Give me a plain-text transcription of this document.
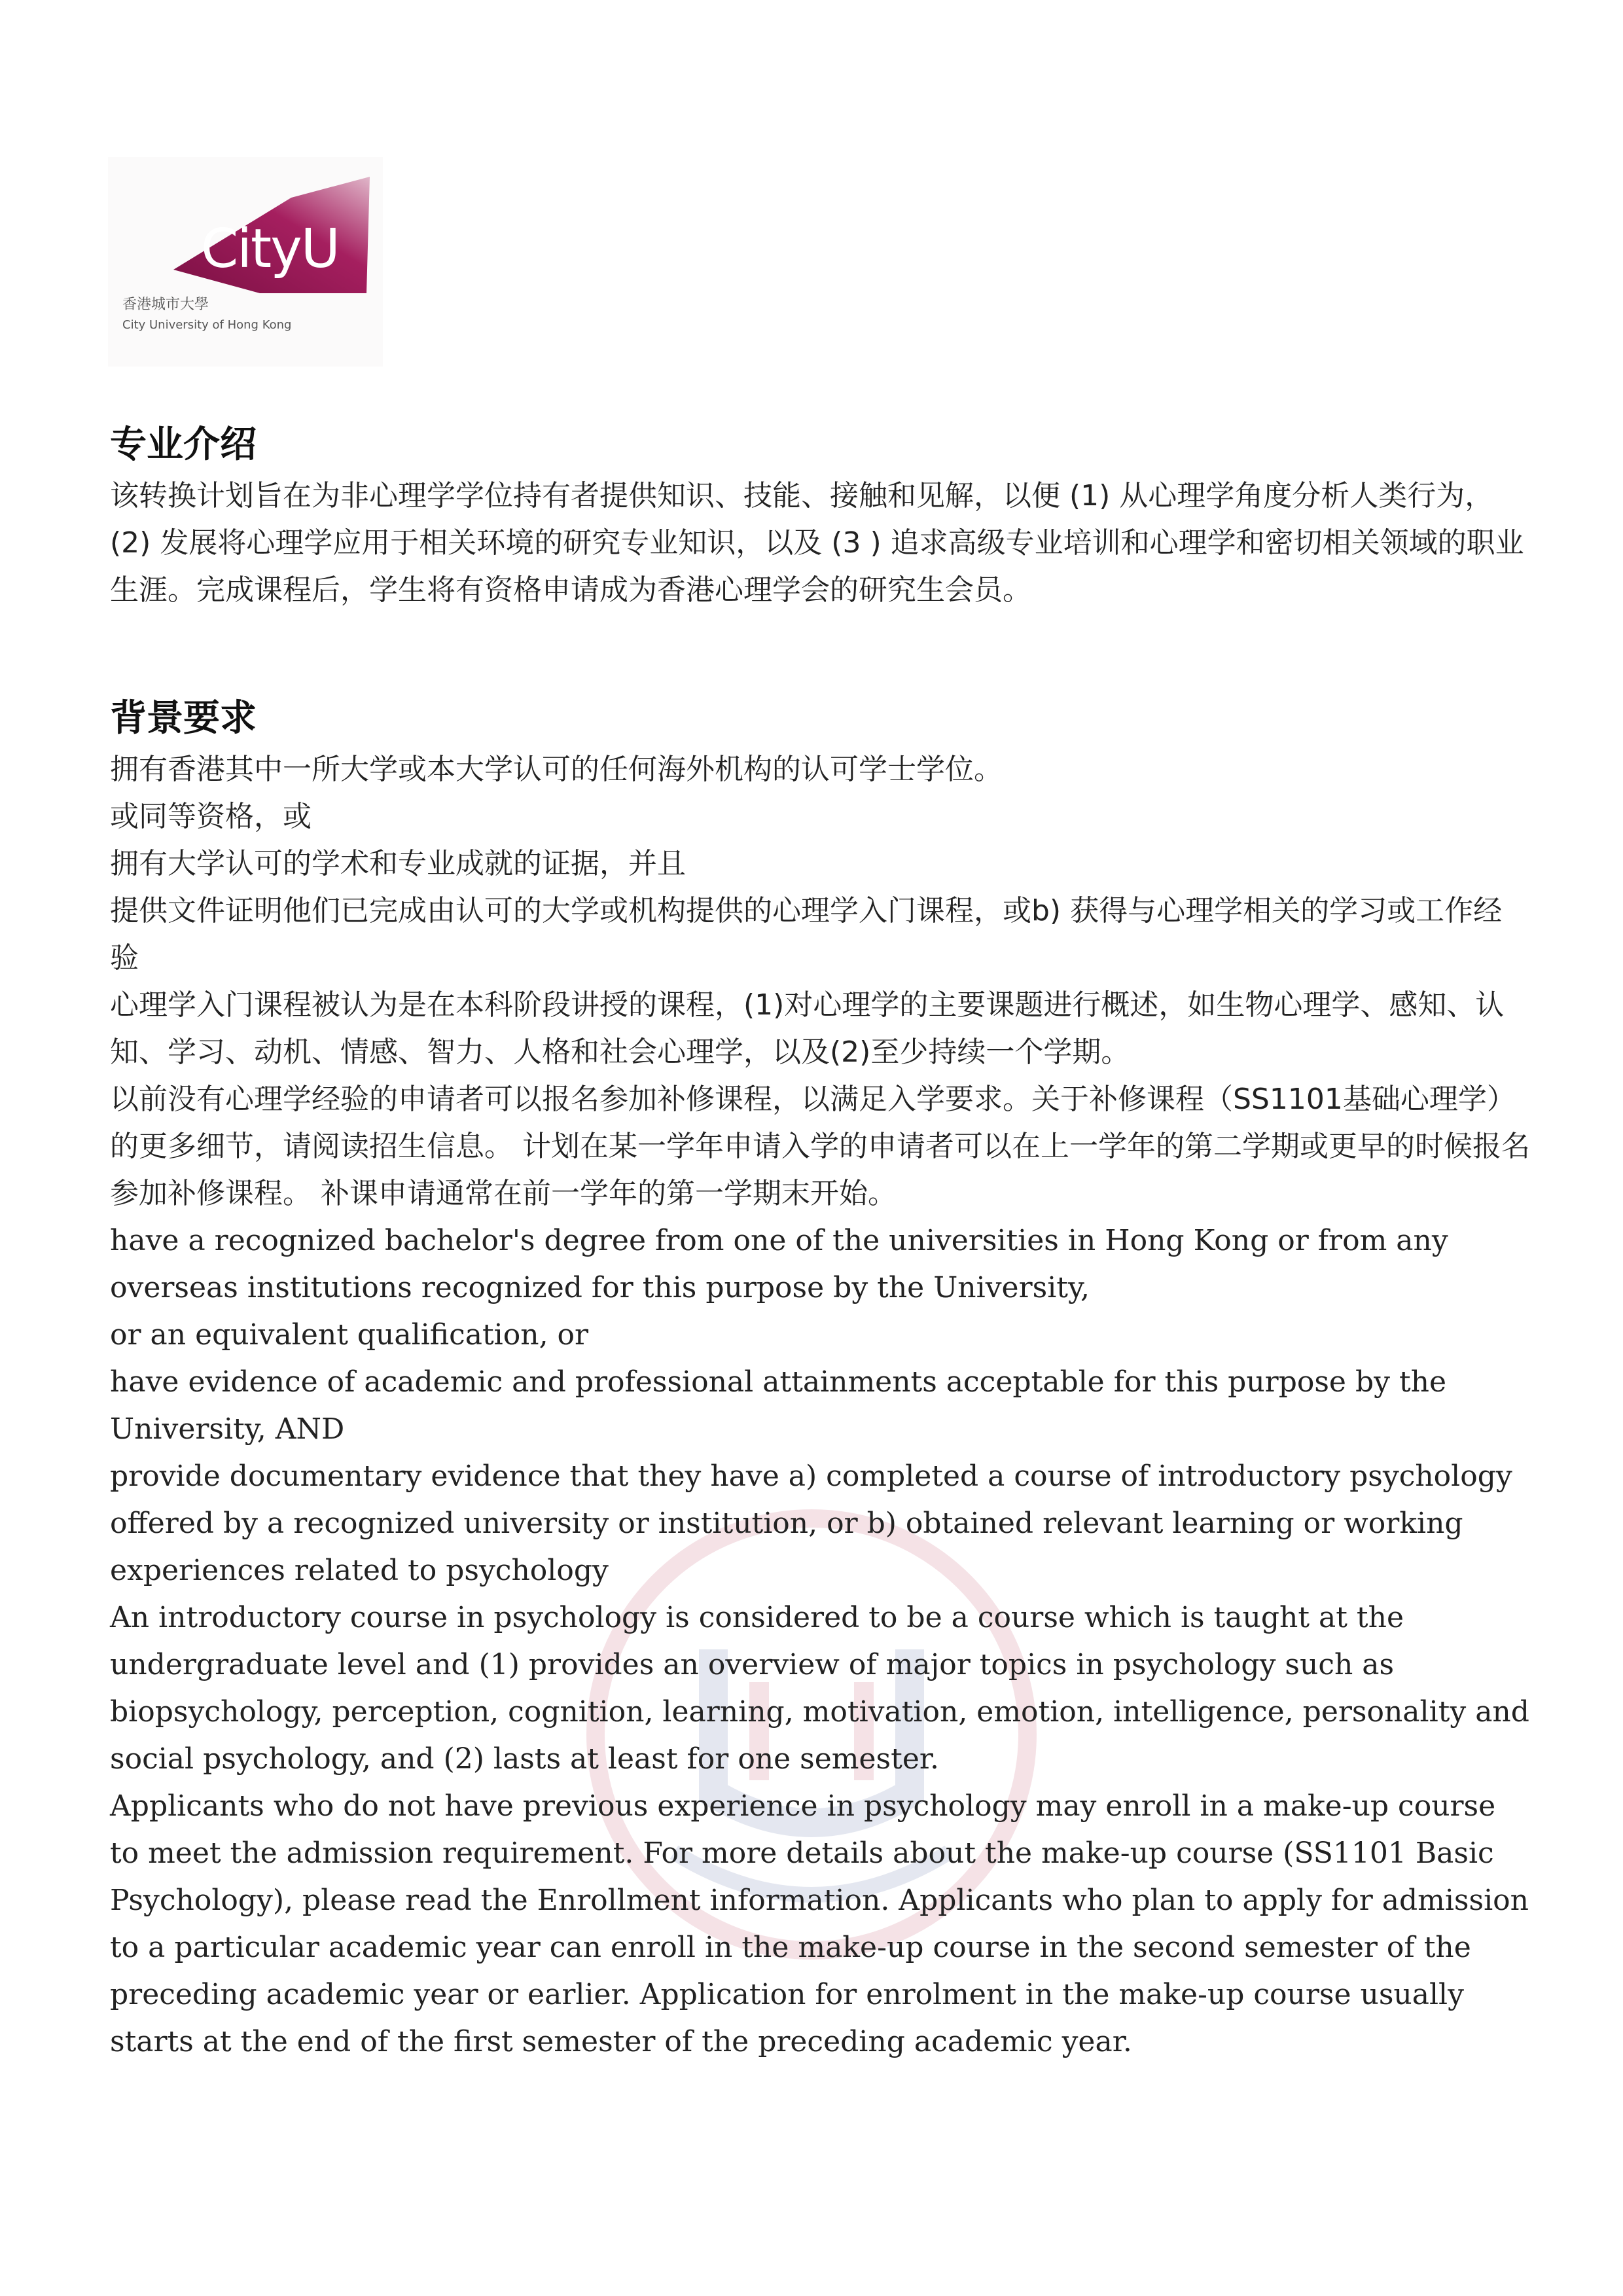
CityU
香港城市大學
City University of Hong Kong
专业介绍

该转换计划旨在为非心理学学位持有者提供知识、技能、接触和见解，以便 (1) 从心理学角度分析人类行为，(2) 发展将心理学应用于相关环境的研究专业知识，以及 (3 ) 追求高级专业培训和心理学和密切相关领域的职业生涯。完成课程后，学生将有资格申请成为香港心理学会的研究生会员。

背景要求

拥有香港其中一所大学或本大学认可的任何海外机构的认可学士学位。

或同等资格，或

拥有大学认可的学术和专业成就的证据，并且

提供文件证明他们已完成由认可的大学或机构提供的心理学入门课程，或b) 获得与心理学相关的学习或工作经验

心理学入门课程被认为是在本科阶段讲授的课程，(1)对心理学的主要课题进行概述，如生物心理学、感知、认知、学习、动机、情感、智力、人格和社会心理学，以及(2)至少持续一个学期。

以前没有心理学经验的申请者可以报名参加补修课程，以满足入学要求。关于补修课程（SS1101基础心理学）的更多细节，请阅读招生信息。 计划在某一学年申请入学的申请者可以在上一学年的第二学期或更早的时候报名参加补修课程。 补课申请通常在前一学年的第一学期末开始。

have a recognized bachelor's degree from one of the universities in Hong Kong or from any overseas institutions recognized for this purpose by the University,

or an equivalent qualification, or

have evidence of academic and professional attainments acceptable for this purpose by the University, AND

provide documentary evidence that they have a) completed a course of introductory psychology offered by a recognized university or institution, or b) obtained relevant learning or working experiences related to psychology

An introductory course in psychology is considered to be a course which is taught at the undergraduate level and (1) provides an overview of major topics in psychology such as biopsychology, perception, cognition, learning, motivation, emotion, intelligence, personality and social psychology, and (2) lasts at least for one semester.

Applicants who do not have previous experience in psychology may enroll in a make-up course to meet the admission requirement. For more details about the make-up course (SS1101 Basic Psychology), please read the Enrollment information. Applicants who plan to apply for admission to a particular academic year can enroll in the make-up course in the second semester of the preceding academic year or earlier. Application for enrolment in the make-up course usually starts at the end of the first semester of the preceding academic year.
